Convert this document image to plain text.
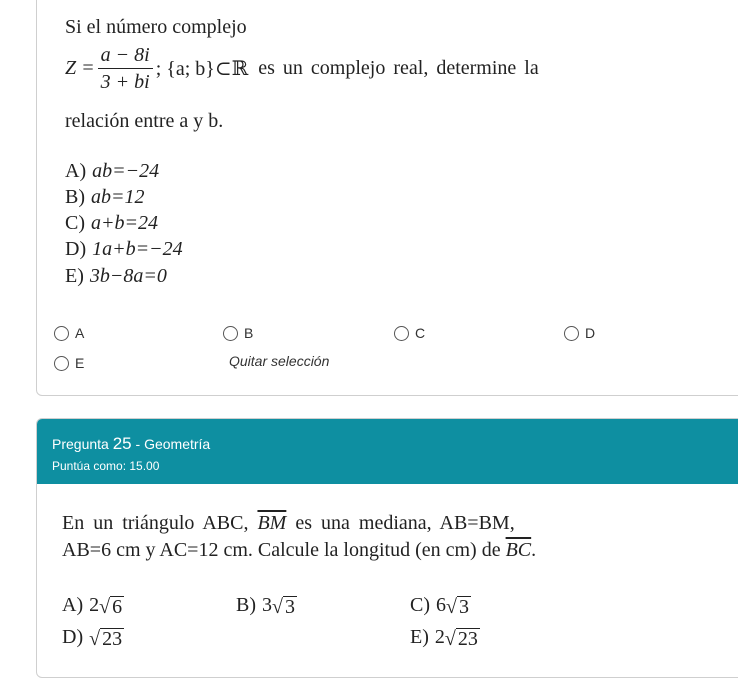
Si el número complejo
$Z = \frac{a - 8i}{3 + bi}$ ; {a; b}⊂ℝ es un complejo real, determine la
relación entre a y b.
A) ab=−24
B) ab=12
C) a+b=24
D) 1a+b=−24
E) 3b−8a=0
A	B	C	D
E	Quitar selección
Pregunta 25 - Geometría
Puntúa como: 15.00
En un triángulo ABC, $\overline{BM}$ es una mediana, AB=BM,
AB=6 cm y AC=12 cm. Calcule la longitud (en cm) de $\overline{BC}$.
A) 2 √ 6	B) 3 √ 3	C) 6 √ 3
D) √ 23	E) 2 √ 23
